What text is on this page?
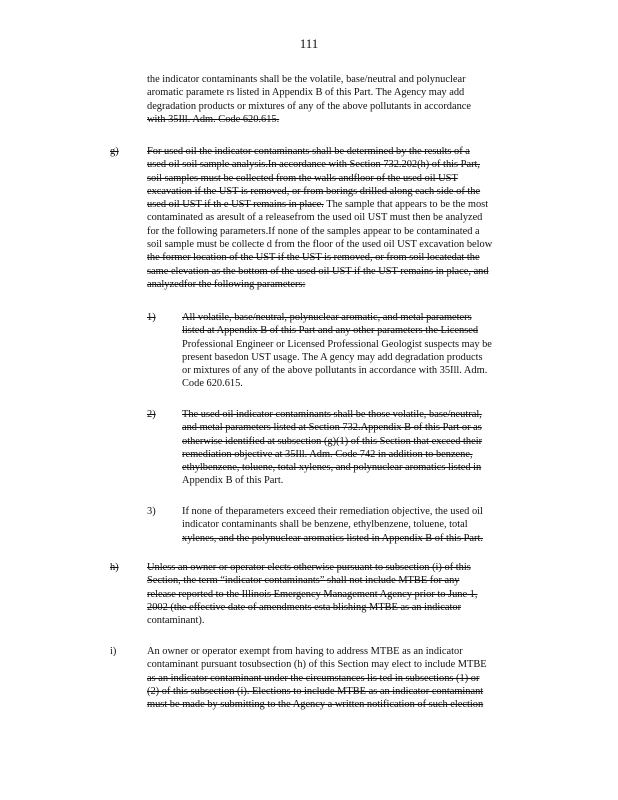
111
the indicator contaminants shall be the volatile, base/neutral and polynuclear
aromatic paramete rs listed in Appendix B of this Part. The Agency may add
degradation products or mixtures of any of the above pollutants in accordance
with 35Ill. Adm. Code 620.615.
g)	For used oil the indicator contaminants shall be determined by the results of a
used oil soil sample analysis.In accordance with Section 732.202(h) of this Part,
soil samples must be collected from the walls andfloor of the used oil UST
excavation if the UST is removed, or from borings drilled along each side of the
used oil UST if th e UST remains in place. The sample that appears to be the most
contaminated as aresult of a releasefrom the used oil UST must then be analyzed
for the following parameters.If none of the samples appear to be contaminated a
soil sample must be collecte d from the floor of the used oil UST excavation below
the former location of the UST if the UST is removed, or from soil locatedat the
same elevation as the bottom of the used oil UST if the UST remains in place, and
analyzedfor the following parameters:
1)	All volatile, base/neutral, polynuclear aromatic, and metal parameters
listed at Appendix B of this Part and any other parameters the Licensed
Professional Engineer or Licensed Professional Geologist suspects may be
present basedon UST usage. The A gency may add degradation products
or mixtures of any of the above pollutants in accordance with 35Ill. Adm.
Code 620.615.
2)	The used oil indicator contaminants shall be those volatile, base/neutral,
and metal parameters listed at Section 732.Appendix B of this Part or as
otherwise identified at subsection (g)(1) of this Section that exceed their
remediation objective at 35Ill. Adm. Code 742 in addition to benzene,
ethylbenzene, toluene, total xylenes, and polynuclear aromatics listed in
Appendix B of this Part.
3)	If none of theparameters exceed their remediation objective, the used oil
indicator contaminants shall be benzene, ethylbenzene, toluene, total
xylenes, and the polynuclear aromatics listed in Appendix B of this Part.
h)	Unless an owner or operator elects otherwise pursuant to subsection (i) of this
Section, the term “indicator contaminants” shall not include MTBE for any
release reported to the Illinois Emergency Management Agency prior to June 1,
2002 (the effective date of amendments esta blishing MTBE as an indicator
contaminant).
i)	An owner or operator exempt from having to address MTBE as an indicator
contaminant pursuant tosubsection (h) of this Section may elect to include MTBE
as an indicator contaminant under the circumstances lis ted in subsections (1) or
(2) of this subsection (i). Elections to include MTBE as an indicator contaminant
must be made by submitting to the Agency a written notification of such election
